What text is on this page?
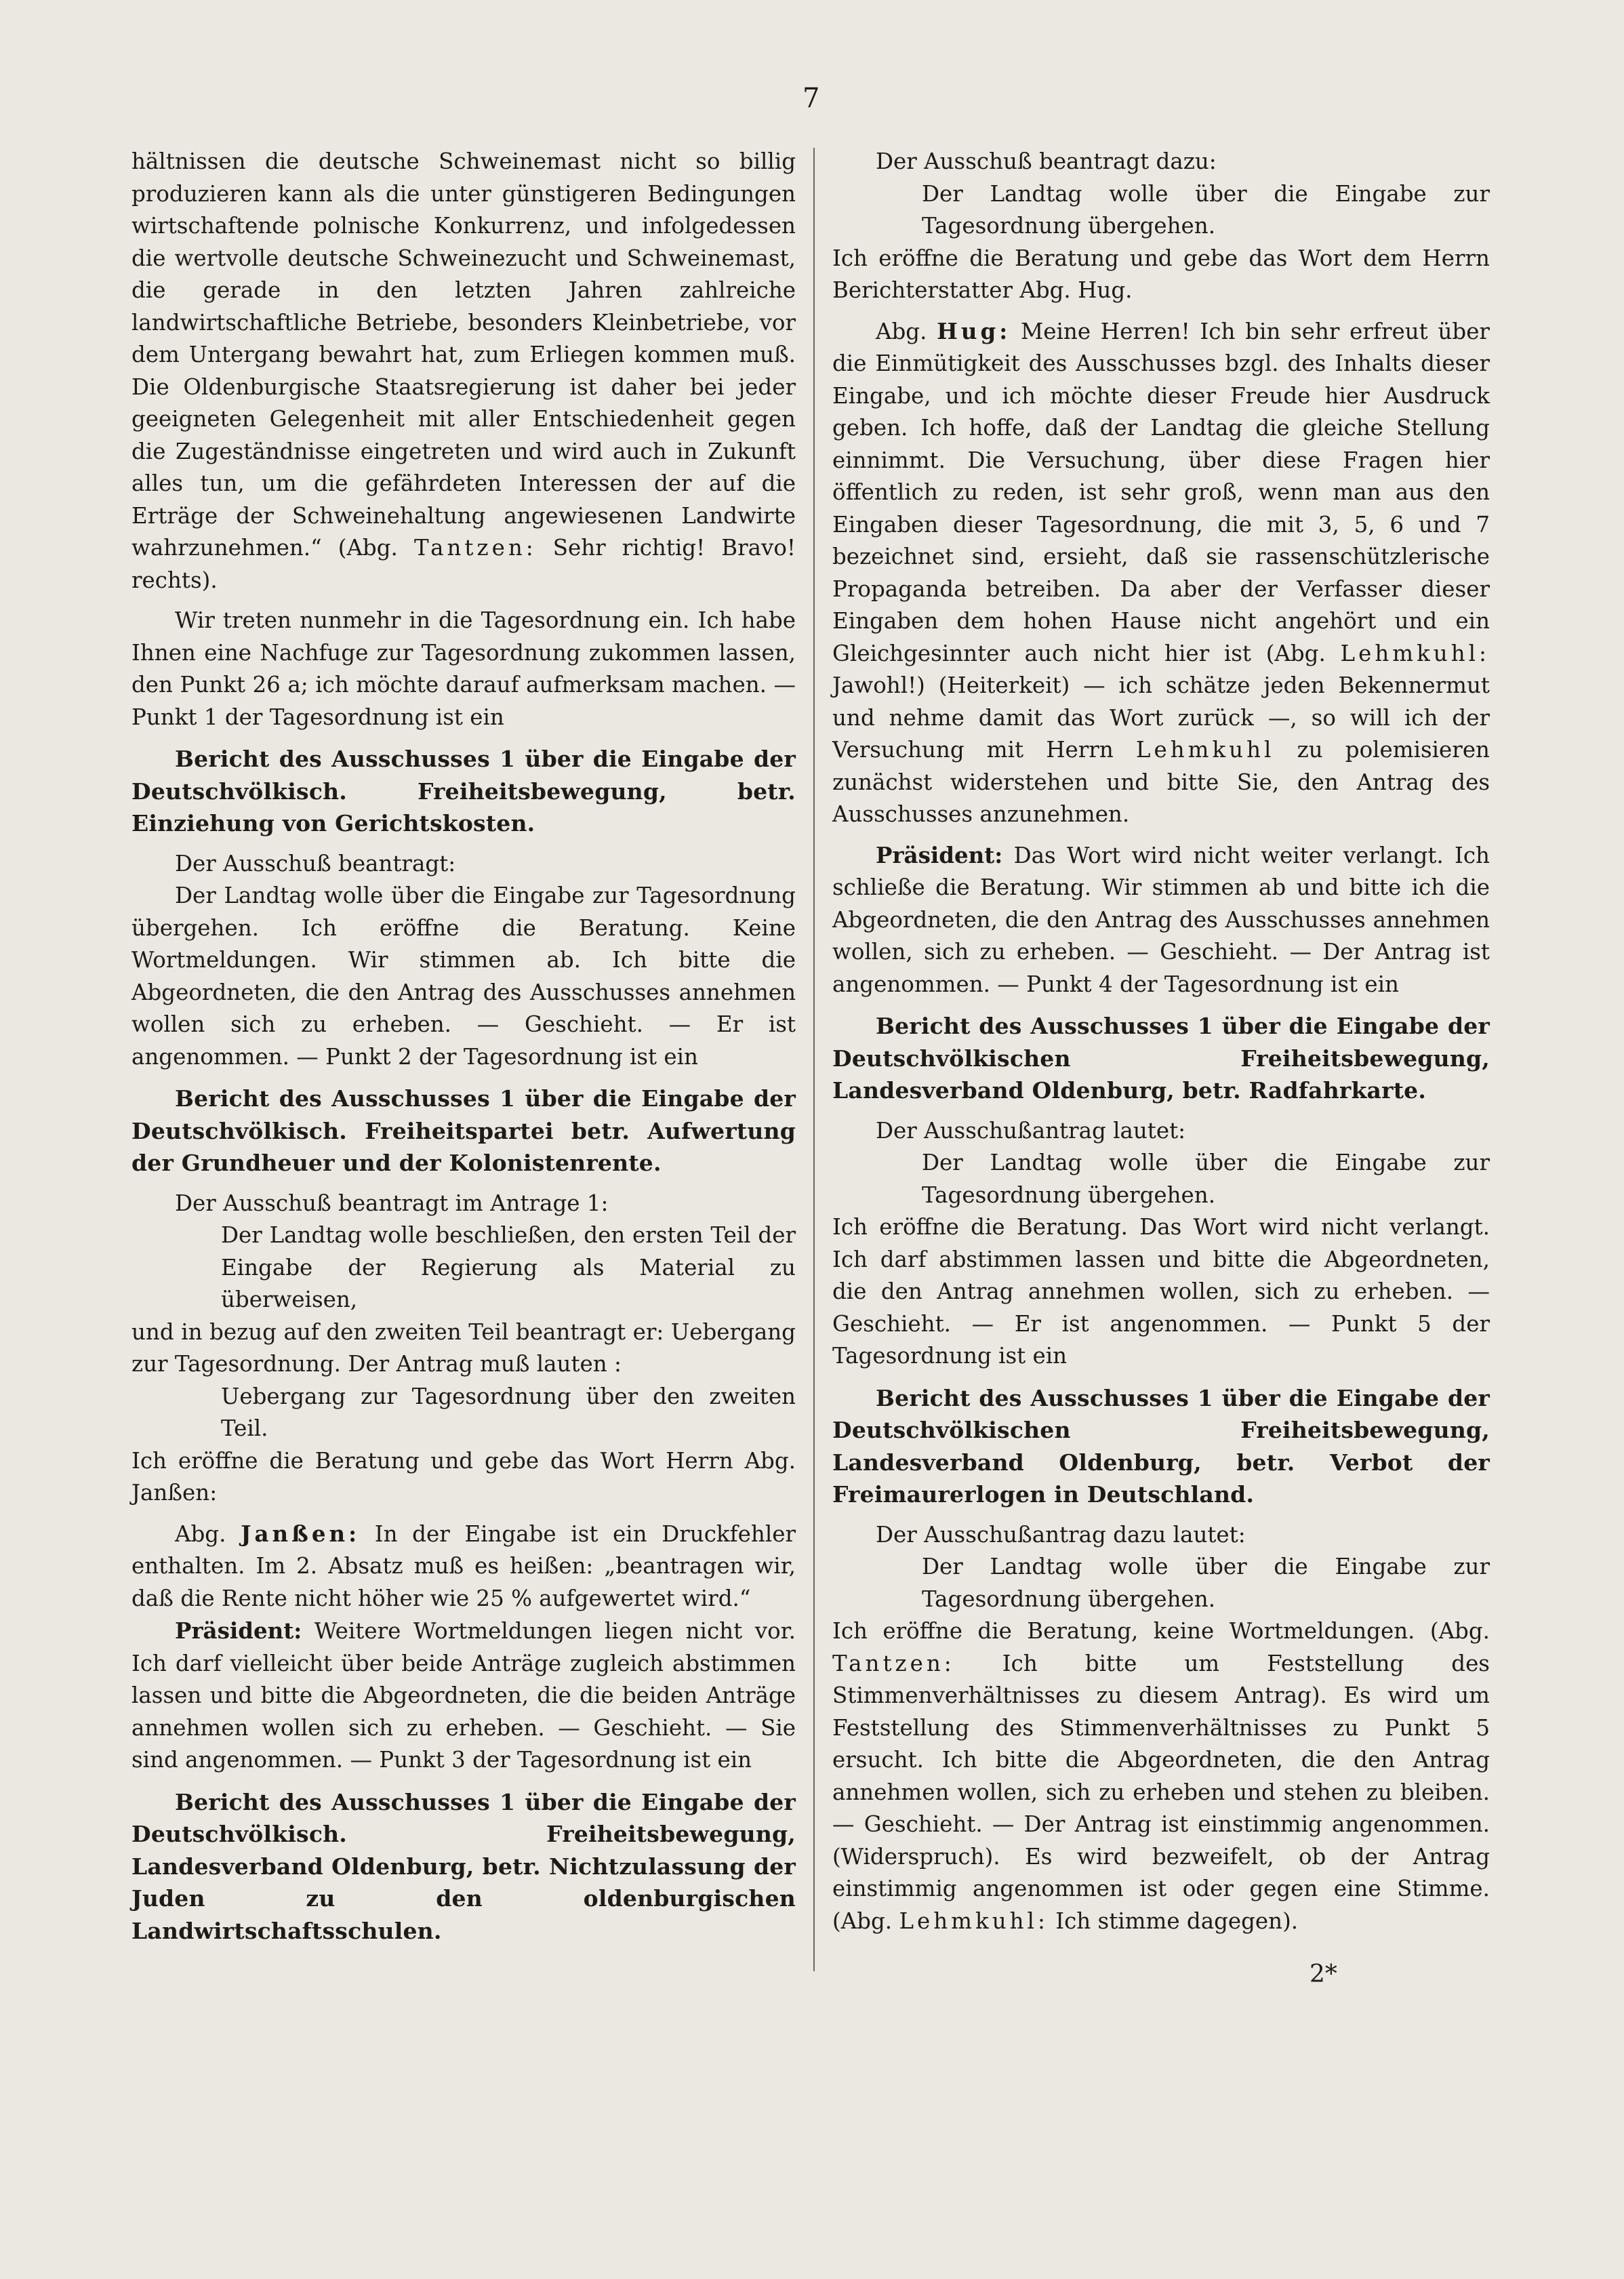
7

hältnissen die deutsche Schweinemast nicht so billig produzieren kann als die unter günstigeren Bedingungen wirtschaftende polnische Konkurrenz, und infolgedessen die wertvolle deutsche Schweinezucht und Schweinemast, die gerade in den letzten Jahren zahlreiche landwirtschaftliche Betriebe, besonders Kleinbetriebe, vor dem Untergang bewahrt hat, zum Erliegen kommen muß. Die Oldenburgische Staatsregierung ist daher bei jeder geeigneten Gelegenheit mit aller Entschiedenheit gegen die Zugeständnisse eingetreten und wird auch in Zukunft alles tun, um die gefährdeten Interessen der auf die Erträge der Schweinehaltung angewiesenen Landwirte wahrzunehmen.“ (Abg. Tantzen: Sehr richtig! Bravo! rechts).

Wir treten nunmehr in die Tagesordnung ein. Ich habe Ihnen eine Nachfuge zur Tagesordnung zukommen lassen, den Punkt 26 a; ich möchte darauf aufmerksam machen. — Punkt 1 der Tagesordnung ist ein

Bericht des Ausschusses 1 über die Eingabe der Deutschvölkisch. Freiheitsbewegung, betr. Einziehung von Gerichtskosten.

Der Ausschuß beantragt:

Der Landtag wolle über die Eingabe zur Tagesordnung übergehen. Ich eröffne die Beratung. Keine Wortmeldungen. Wir stimmen ab. Ich bitte die Abgeordneten, die den Antrag des Ausschusses annehmen wollen sich zu erheben. — Geschieht. — Er ist angenommen. — Punkt 2 der Tagesordnung ist ein

Bericht des Ausschusses 1 über die Eingabe der Deutschvölkisch. Freiheitspartei betr. Aufwertung der Grundheuer und der Kolonistenrente.

Der Ausschuß beantragt im Antrage 1:

Der Landtag wolle beschließen, den ersten Teil der Eingabe der Regierung als Material zu überweisen,

und in bezug auf den zweiten Teil beantragt er: Uebergang zur Tagesordnung. Der Antrag muß lauten :

Uebergang zur Tagesordnung über den zweiten Teil.

Ich eröffne die Beratung und gebe das Wort Herrn Abg. Janßen:

Abg. Janßen: In der Eingabe ist ein Druckfehler enthalten. Im 2. Absatz muß es heißen: „beantragen wir, daß die Rente nicht höher wie 25 % aufgewertet wird.“

Präsident: Weitere Wortmeldungen liegen nicht vor. Ich darf vielleicht über beide Anträge zugleich abstimmen lassen und bitte die Abgeordneten, die die beiden Anträge annehmen wollen sich zu erheben. — Geschieht. — Sie sind angenommen. — Punkt 3 der Tagesordnung ist ein

Bericht des Ausschusses 1 über die Eingabe der Deutschvölkisch. Freiheitsbewegung, Landesverband Oldenburg, betr. Nichtzulassung der Juden zu den oldenburgischen Landwirtschaftsschulen.

Der Ausschuß beantragt dazu:

Der Landtag wolle über die Eingabe zur Tagesordnung übergehen.

Ich eröffne die Beratung und gebe das Wort dem Herrn Berichterstatter Abg. Hug.

Abg. Hug: Meine Herren! Ich bin sehr erfreut über die Einmütigkeit des Ausschusses bzgl. des Inhalts dieser Eingabe, und ich möchte dieser Freude hier Ausdruck geben. Ich hoffe, daß der Landtag die gleiche Stellung einnimmt. Die Versuchung, über diese Fragen hier öffentlich zu reden, ist sehr groß, wenn man aus den Eingaben dieser Tagesordnung, die mit 3, 5, 6 und 7 bezeichnet sind, ersieht, daß sie rassenschützlerische Propaganda betreiben. Da aber der Verfasser dieser Eingaben dem hohen Hause nicht angehört und ein Gleichgesinnter auch nicht hier ist (Abg. Lehmkuhl: Jawohl!) (Heiterkeit) — ich schätze jeden Bekennermut und nehme damit das Wort zurück —, so will ich der Versuchung mit Herrn Lehmkuhl zu polemisieren zunächst widerstehen und bitte Sie, den Antrag des Ausschusses anzunehmen.

Präsident: Das Wort wird nicht weiter verlangt. Ich schließe die Beratung. Wir stimmen ab und bitte ich die Abgeordneten, die den Antrag des Ausschusses annehmen wollen, sich zu erheben. — Geschieht. — Der Antrag ist angenommen. — Punkt 4 der Tagesordnung ist ein

Bericht des Ausschusses 1 über die Eingabe der Deutschvölkischen Freiheitsbewegung, Landesverband Oldenburg, betr. Radfahrkarte.

Der Ausschußantrag lautet:

Der Landtag wolle über die Eingabe zur Tagesordnung übergehen.

Ich eröffne die Beratung. Das Wort wird nicht verlangt. Ich darf abstimmen lassen und bitte die Abgeordneten, die den Antrag annehmen wollen, sich zu erheben. — Geschieht. — Er ist angenommen. — Punkt 5 der Tagesordnung ist ein

Bericht des Ausschusses 1 über die Eingabe der Deutschvölkischen Freiheitsbewegung, Landesverband Oldenburg, betr. Verbot der Freimaurerlogen in Deutschland.

Der Ausschußantrag dazu lautet:

Der Landtag wolle über die Eingabe zur Tagesordnung übergehen.

Ich eröffne die Beratung, keine Wortmeldungen. (Abg. Tantzen: Ich bitte um Feststellung des Stimmenverhältnisses zu diesem Antrag). Es wird um Feststellung des Stimmenverhältnisses zu Punkt 5 ersucht. Ich bitte die Abgeordneten, die den Antrag annehmen wollen, sich zu erheben und stehen zu bleiben. — Geschieht. — Der Antrag ist einstimmig angenommen. (Widerspruch). Es wird bezweifelt, ob der Antrag einstimmig angenommen ist oder gegen eine Stimme. (Abg. Lehmkuhl: Ich stimme dagegen).

2*
